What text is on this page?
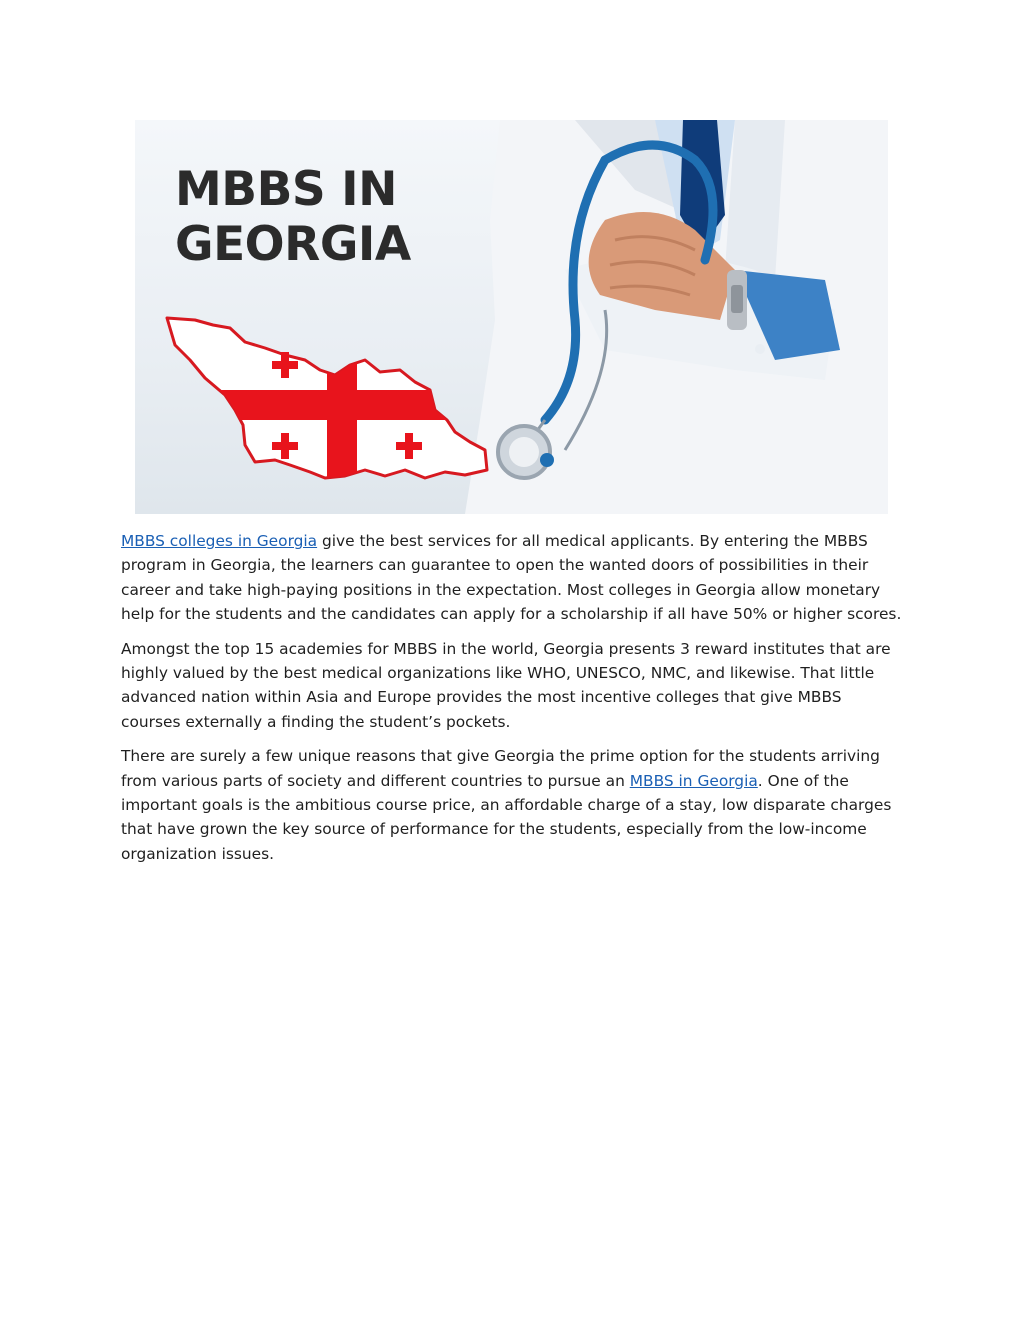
MBBS IN
GEORGIA

MBBS colleges in Georgia give the best services for all medical applicants. By entering the MBBS program in Georgia, the learners can guarantee to open the wanted doors of possibilities in their career and take high-paying positions in the expectation. Most colleges in Georgia allow monetary help for the students and the candidates can apply for a scholarship if all have 50% or higher scores.

Amongst the top 15 academies for MBBS in the world, Georgia presents 3 reward institutes that are highly valued by the best medical organizations like WHO, UNESCO, NMC, and likewise. That little advanced nation within Asia and Europe provides the most incentive colleges that give MBBS courses externally a finding the student’s pockets.

There are surely a few unique reasons that give Georgia the prime option for the students arriving from various parts of society and different countries to pursue an MBBS in Georgia. One of the important goals is the ambitious course price, an affordable charge of a stay, low disparate charges that have grown the key source of performance for the students, especially from the low-income organization issues.
